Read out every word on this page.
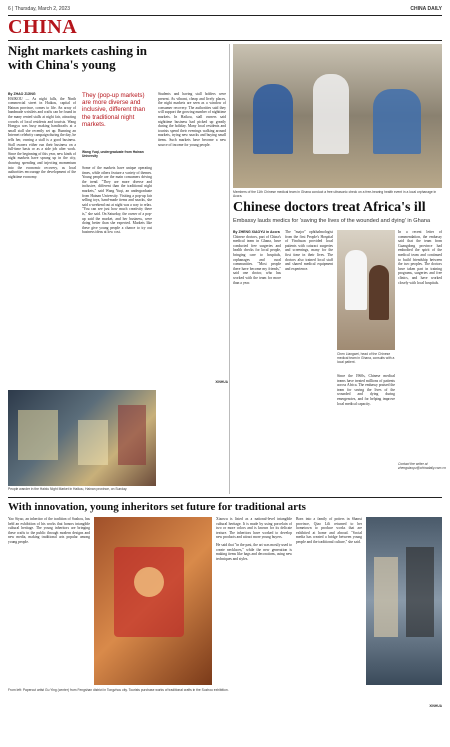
6 | Thursday, March 2, 2023	CHINA DAILY
CHINA
Night markets cashing in with China's young
By ZHAO ZIJING
HAIKOU — As night falls, the Ninth commercial street in Haikou, capital of Hainan province, comes to life. An array of handmade wristlets and crafts can be found in the many rented stalls at night fair, attracting crowds of local residents and tourists. Wang Hongyu was busy making handicrafts at a small stall she recently set up. Running an Internet celebrity campaign during the day, he tells her, owning a stall is a good business. Stall owners either run their business on a full-time basis or as a side job after work. Since the beginning of this year, new kinds of night markets have sprung up in the city, drawing spending and injecting momentum into the economic recovery, as local authorities encourage the development of the nighttime economy.
They (pop-up markets) are more diverse and inclusive, different than the traditional night markets.
Wang Yuqi, undergraduate from Hainan University
Some of the markets have unique operating times, while others feature a variety of themes. Young people are the main consumers driving the trend. "They are more diverse and inclusive, different than the traditional night markets," said Wang Yuqi, an undergraduate from Hainan University. Visiting a pop-up fair selling toys, hand-made items and snacks, she said a weekend out at night was a way to relax. "You can see just how much creativity there is," she said. On Saturday, the owner of a pop-up said the market, and her business, were doing better than she expected. Markets like these give young people a chance to try out business ideas at low cost.
Students and having stall holders were present. As vibrant, cheap and lively places, the night markets are seen as a window of consumer recovery. The authorities said they will support the growing number of nighttime markets. In Haikou, stall owners said nighttime business had picked up greatly during the holiday. Many local residents and tourists spend their evenings walking around markets, trying new snacks and buying small items. Such markets have become a new source of income for young people.
People wander in the Haixiu Night Market in Haikou, Hainan province, on Sunday.
XINHUA
Members of the 11th Chinese medical team in Ghana conduct a free ultrasonic check on a free-hearing health event in a local orphanage in Accra.
Chinese doctors treat Africa's ill
Embassy lauds medics for 'saving the lives of the wounded and dying' in Ghana
By ZHENG XIAOYU in Accra
Chinese doctors, part of China's medical team in Ghana, have conducted free surgeries and health checks for local people, bringing care to hospitals, orphanages and rural communities. "Most people there have become my friends," said one doctor, who has worked with the team for more than a year.
The "major" ophthalmologist from the first People's Hospital of Yinchuan provided local patients with cataract surgeries and screenings, many for the first time in their lives. The doctors also trained local staff and shared medical equipment and experience.
Chen Liangwei, head of the Chinese medical team in Ghana, consults with a local patient.
Since the 1960s, Chinese medical teams have treated millions of patients across Africa. The embassy praised the team for saving the lives of the wounded and dying during emergencies, and for helping improve local medical capacity.
In a recent letter of commendation, the embassy said that the team from Guangdong province had embodied the spirit of the medical team and continued to build friendship between the two peoples. The doctors have taken part in training programs, surgeries and free clinics, and have worked closely with local hospitals.
Contact the writer at zhengxiaoyu@chinadaily.com.cn
With innovation, young inheritors set future for traditional arts
Yao Siyao, an inheritor of the tradition of Suzhou, has held an exhibition of his works that honors intangible cultural heritage. The young inheritors are bringing these crafts to the public through modern designs and new media, making traditional arts popular among young people.
Xiaowu is listed as a national-level intangible cultural heritage. It is made by using porcelain of two or more colors and is known for its delicate texture. The inheritors have worked to develop new products and attract more young buyers.
He said that "in the past, the art was mostly used to create necklaces," while the new generation is making items like bags and decorations, using new techniques and styles.
Born into a family of potters in Shanxi province, Qiao Lili returned to her hometown to produce works that are exhibited at home and abroad. "Social media has created a bridge between young people and the traditional culture," she said.
From left: Papercut artist Gu Ying (center) from Fengshan district in Tongzhou city. Tourists purchase works of traditional crafts in the Suzhou exhibition.
XINHUA
